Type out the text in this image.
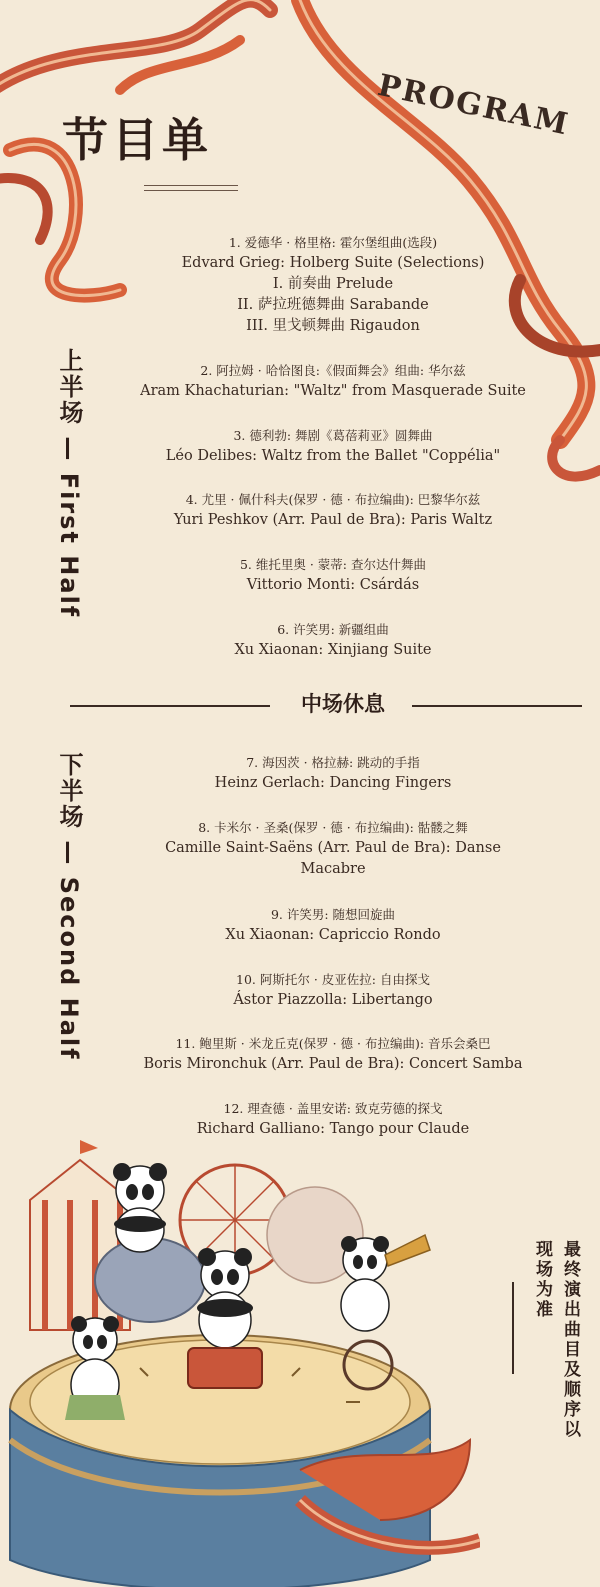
节目单	PROGRAM
上半场 — First Half
1. 爱德华 · 格里格: 霍尔堡组曲(选段)
Edvard Grieg: Holberg Suite (Selections)
I. 前奏曲 Prelude
II. 萨拉班德舞曲 Sarabande
III. 里戈顿舞曲 Rigaudon
2. 阿拉姆 · 哈恰图良:《假面舞会》组曲: 华尔兹
Aram Khachaturian: "Waltz" from Masquerade Suite
3. 德利勃: 舞剧《葛蓓莉亚》圆舞曲
Léo Delibes: Waltz from the Ballet "Coppélia"
4. 尤里 · 佩什科夫(保罗 · 德 · 布拉编曲): 巴黎华尔兹
Yuri Peshkov (Arr. Paul de Bra): Paris Waltz
5. 维托里奥 · 蒙蒂: 查尔达什舞曲
Vittorio Monti: Csárdás
6. 许笑男: 新疆组曲
Xu Xiaonan: Xinjiang Suite
中场休息
下半场 — Second Half	7. 海因茨 · 格拉赫: 跳动的手指
Heinz Gerlach: Dancing Fingers
8. 卡米尔 · 圣桑(保罗 · 德 · 布拉编曲): 骷髅之舞
Camille Saint-Saëns (Arr. Paul de Bra): Danse
Macabre
9. 许笑男: 随想回旋曲
Xu Xiaonan: Capriccio Rondo
10. 阿斯托尔 · 皮亚佐拉: 自由探戈
Ástor Piazzolla: Libertango
11. 鲍里斯 · 米龙丘克(保罗 · 德 · 布拉编曲): 音乐会桑巴
Boris Mironchuk (Arr. Paul de Bra): Concert Samba
12. 理查德 · 盖里安诺: 致克劳德的探戈
Richard Galliano: Tango pour Claude
最终演出曲目及顺序以现场为准
